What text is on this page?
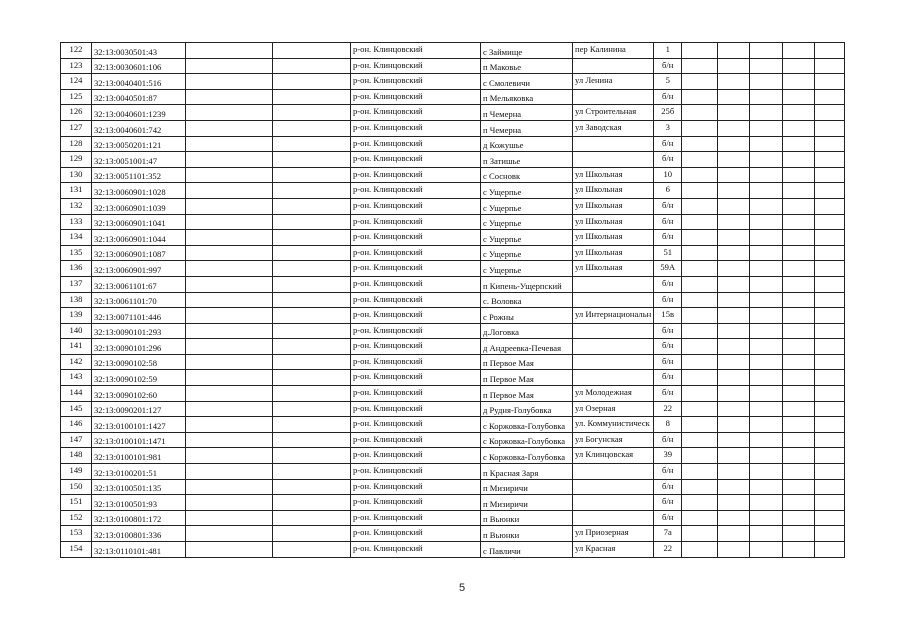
122	32:13:0030501:43			р-он. Клинцовский	с Займище	пер Калинина	1					
123	32:13:0030601:106			р-он. Клинцовский	п Маковье		б/н					
124	32:13:0040401:516			р-он. Клинцовский	с Смолевичи	ул Ленина	5					
125	32:13:0040501:87			р-он. Клинцовский	п Мельяковка		б/н					
126	32:13:0040601:1239			р-он. Клинцовский	п Чемерна	ул Строительная	25б					
127	32:13:0040601:742			р-он. Клинцовский	п Чемерна	ул Заводская	3					
128	32:13:0050201:121			р-он. Клинцовский	д Кожушье		б/н					
129	32:13:0051001:47			р-он. Клинцовский	п Затишье		б/н					
130	32:13:0051101:352			р-он. Клинцовский	с Сосновк	ул Школьная	10					
131	32:13:0060901:1028			р-он. Клинцовский	с Ущерпье	ул Школьная	6					
132	32:13:0060901:1039			р-он. Клинцовский	с Ущерпье	ул Школьная	б/н					
133	32:13:0060901:1041			р-он. Клинцовский	с Ущерпье	ул Школьная	б/н					
134	32:13:0060901:1044			р-он. Клинцовский	с Ущерпье	ул Школьная	б/н					
135	32:13:0060901:1087			р-он. Клинцовский	с Ущерпье	ул Школьная	51					
136	32:13:0060901:997			р-он. Клинцовский	с Ущерпье	ул Школьная	59А					
137	32:13:0061101:67			р-он. Клинцовский	п Кипень-Ущерпский		б/н					
138	32:13:0061101:70			р-он. Клинцовский	с. Воловка		б/н					
139	32:13:0071101:446			р-он. Клинцовский	с Рожны	ул Интернациональн	15в					
140	32:13:0090101:293			р-он. Клинцовский	д.Логовка		б/н					
141	32:13:0090101:296			р-он. Клинцовский	д Андреевка-Печевая		б/н					
142	32:13:0090102:58			р-он. Клинцовский	п Первое Мая		б/н					
143	32:13:0090102:59			р-он. Клинцовский	п Первое Мая		б/н					
144	32:13:0090102:60			р-он. Клинцовский	п Первое Мая	ул Молодежная	б/н					
145	32:13:0090201:127			р-он. Клинцовский	д Рудня-Голубовка	ул Озерная	22					
146	32:13:0100101:1427			р-он. Клинцовский	с Коржовка-Голубовка	ул. Коммунистическ	8					
147	32:13:0100101:1471			р-он. Клинцовский	с Коржовка-Голубовка	ул Богунская	б/н					
148	32:13:0100101:981			р-он. Клинцовский	с Коржовка-Голубовка	ул Клинцовская	39					
149	32:13:0100201:51			р-он. Клинцовский	п Красная Заря		б/н					
150	32:13:0100501:135			р-он. Клинцовский	п Мизиричи		б/н					
151	32:13:0100501:93			р-он. Клинцовский	п Мизиричи		б/н					
152	32:13:0100801:172			р-он. Клинцовский	п Вьюнки		б/н					
153	32:13:0100801:336			р-он. Клинцовский	п Вьюнки	ул Приозерная	7а					
154	32:13:0110101:481			р-он. Клинцовский	с Павличи	ул Красная	22					
5
